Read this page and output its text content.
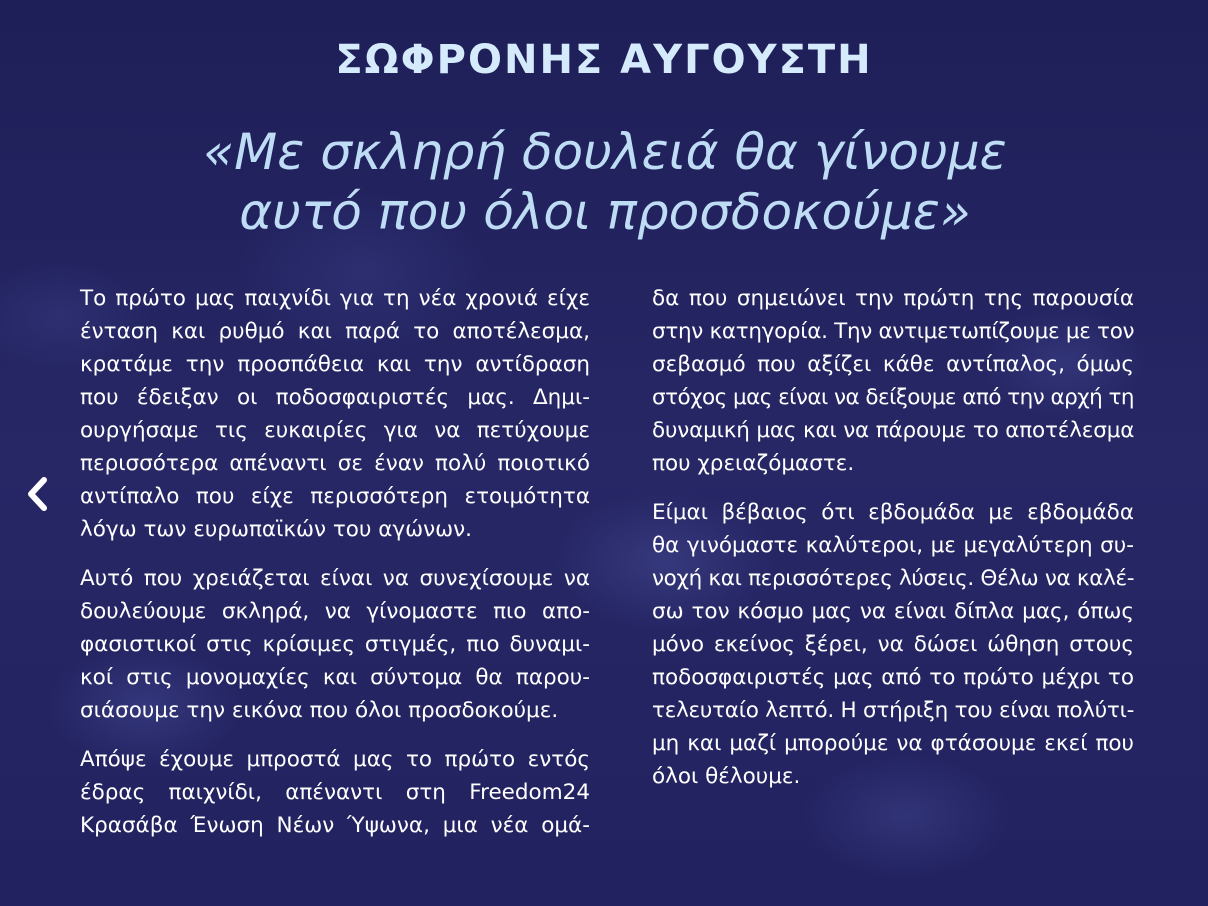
ΣΩΦΡΟΝΗΣ ΑΥΓΟΥΣΤΗ
«Με σκληρή δουλειά θα γίνουμε
αυτό που όλοι προσδοκούμε»

Το πρώτο μας παιχνίδι για τη νέα χρονιά είχε
ένταση και ρυθμό και παρά το αποτέλεσμα,
κρατάμε την προσπάθεια και την αντίδραση
που έδειξαν οι ποδοσφαιριστές μας. Δημι-
ουργήσαμε τις ευκαιρίες για να πετύχουμε
περισσότερα απέναντι σε έναν πολύ ποιοτικό
αντίπαλο που είχε περισσότερη ετοιμότητα
λόγω των ευρωπαϊκών του αγώνων.

Αυτό που χρειάζεται είναι να συνεχίσουμε να
δουλεύουμε σκληρά, να γίνομαστε πιο απο-
φασιστικοί στις κρίσιμες στιγμές, πιο δυναμι-
κοί στις μονομαχίες και σύντομα θα παρου-
σιάσουμε την εικόνα που όλοι προσδοκούμε.

Απόψε έχουμε μπροστά μας το πρώτο εντός
έδρας παιχνίδι, απέναντι στη Freedom24
Κρασάβα Ένωση Νέων Ύψωνα, μια νέα ομά-

δα που σημειώνει την πρώτη της παρουσία
στην κατηγορία. Την αντιμετωπίζουμε με τον
σεβασμό που αξίζει κάθε αντίπαλος, όμως
στόχος μας είναι να δείξουμε από την αρχή τη
δυναμική μας και να πάρουμε το αποτέλεσμα
που χρειαζόμαστε.

Είμαι βέβαιος ότι εβδομάδα με εβδομάδα
θα γινόμαστε καλύτεροι, με μεγαλύτερη συ-
νοχή και περισσότερες λύσεις. Θέλω να καλέ-
σω τον κόσμο μας να είναι δίπλα μας, όπως
μόνο εκείνος ξέρει, να δώσει ώθηση στους
ποδοσφαιριστές μας από το πρώτο μέχρι το
τελευταίο λεπτό. Η στήριξη του είναι πολύτι-
μη και μαζί μπορούμε να φτάσουμε εκεί που
όλοι θέλουμε.
